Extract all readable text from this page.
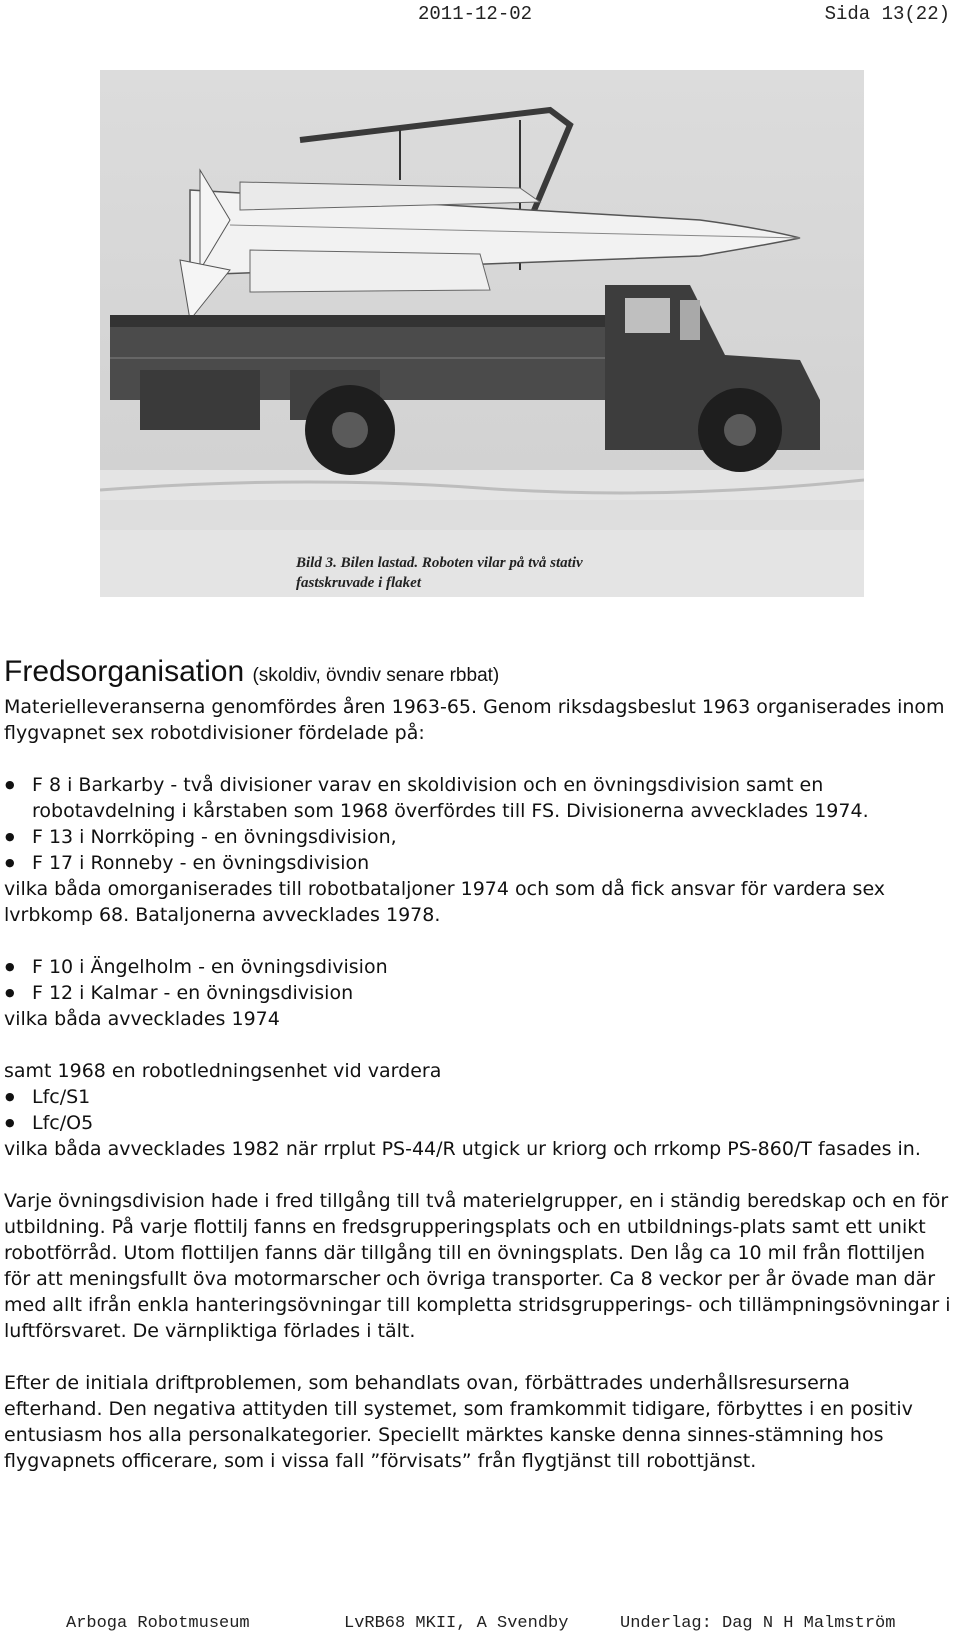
2011-12-02	Sida 13(22)
Bild 3. Bilen lastad. Roboten vilar på två stativ
fastskruvade i flaket
Fredsorganisation (skoldiv, övndiv senare rbbat)

Materielleveranserna genomfördes åren 1963-65. Genom riksdagsbeslut 1963 organiserades inom flygvapnet sex robotdivisioner fördelade på:

● F 8 i Barkarby - två divisioner varav en skoldivision och en övningsdivision samt en robotavdelning i kårstaben som 1968 överfördes till FS. Divisionerna avvecklades 1974.
● F 13 i Norrköping - en övningsdivision,
● F 17 i Ronneby - en övningsdivision

vilka båda omorganiserades till robotbataljoner 1974 och som då fick ansvar för vardera sex lvrbkomp 68. Bataljonerna avvecklades 1978.

● F 10 i Ängelholm - en övningsdivision
● F 12 i Kalmar - en övningsdivision

vilka båda avvecklades 1974

samt 1968 en robotledningsenhet vid vardera

● Lfc/S1
● Lfc/O5

vilka båda avvecklades 1982 när rrplut PS-44/R utgick ur kriorg och rrkomp PS-860/T fasades in.

Varje övningsdivision hade i fred tillgång till två materielgrupper, en i ständig beredskap och en för utbildning. På varje flottilj fanns en fredsgrupperingsplats och en utbildnings-plats samt ett unikt robotförråd. Utom flottiljen fanns där tillgång till en övningsplats. Den låg ca 10 mil från flottiljen för att meningsfullt öva motormarscher och övriga transporter. Ca 8 veckor per år övade man där med allt ifrån enkla hanteringsövningar till kompletta stridsgrupperings- och tillämpningsövningar i luftförsvaret. De värnpliktiga förlades i tält.

Efter de initiala driftproblemen, som behandlats ovan, förbättrades underhållsresurserna efterhand. Den negativa attityden till systemet, som framkommit tidigare, förbyttes i en positiv entusiasm hos alla personalkategorier. Speciellt märktes kanske denna sinnes-stämning hos flygvapnets officerare, som i vissa fall ”förvisats” från flygtjänst till robottjänst.

Arboga Robotmuseum	LvRB68 MKII, A Svendby	Underlag: Dag N H Malmström
